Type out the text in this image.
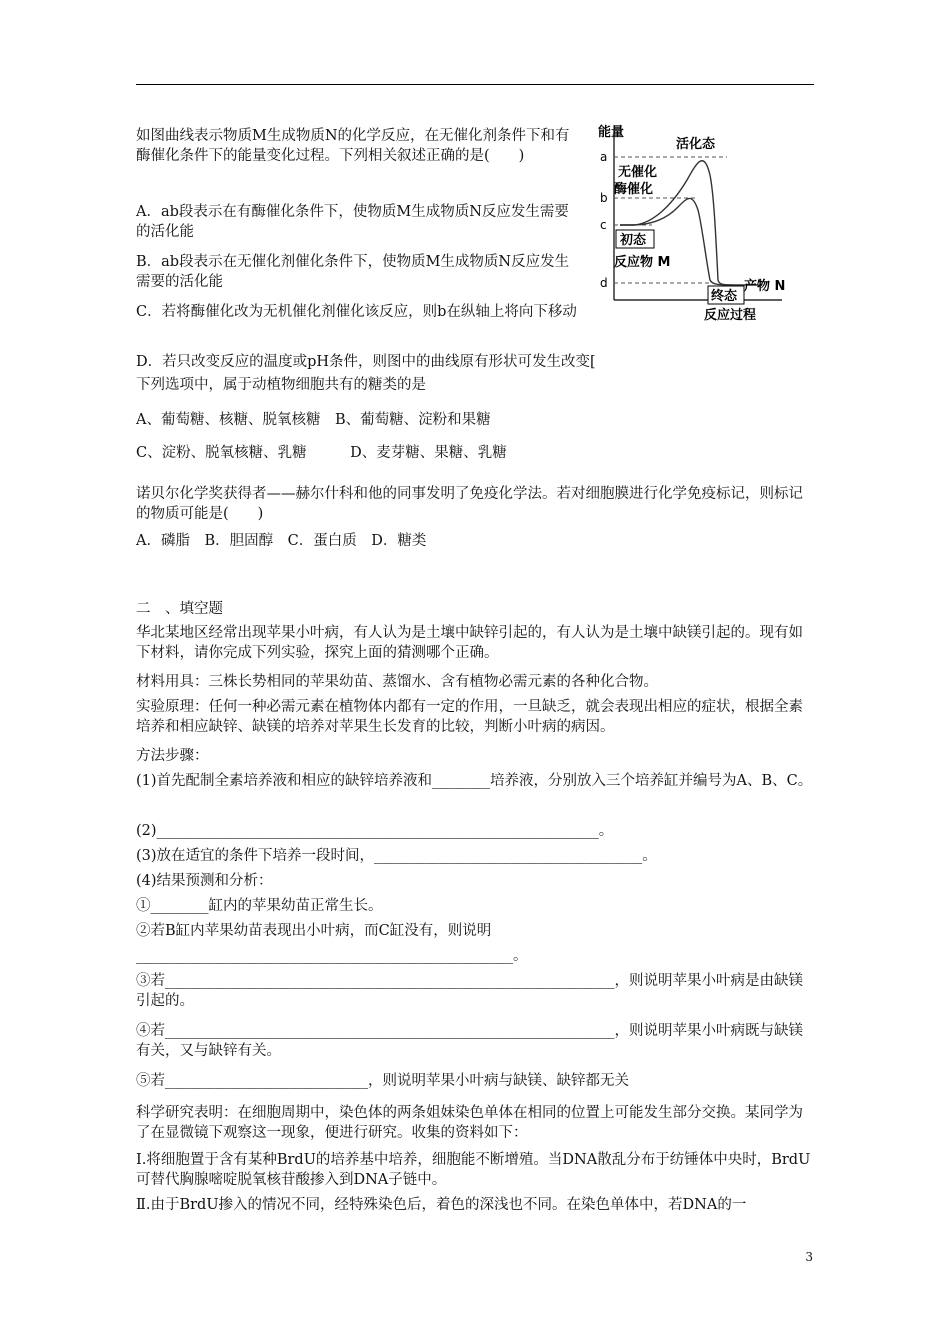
如图曲线表示物质M生成物质N的化学反应，在无催化剂条件下和有酶催化条件下的能量变化过程。下列相关叙述正确的是(　　)
A．ab段表示在有酶催化条件下，使物质M生成物质N反应发生需要的活化能
B．ab段表示在无催化剂催化条件下，使物质M生成物质N反应发生需要的活化能
C．若将酶催化改为无机催化剂催化该反应，则b在纵轴上将向下移动
D．若只改变反应的温度或pH条件，则图中的曲线原有形状可发生改变[
a
b
c
d
能量
活化态
无催化
酶催化
初态
反应物 M
终态
产物 N
反应过程
下列选项中，属于动植物细胞共有的糖类的是
A、葡萄糖、核糖、脱氧核糖　B、葡萄糖、淀粉和果糖
C、淀粉、脱氧核糖、乳糖　　　D、麦芽糖、果糖、乳糖
诺贝尔化学奖获得者——赫尔什科和他的同事发明了免疫化学法。若对细胞膜进行化学免疫标记，则标记的物质可能是(　　)
A．磷脂　B．胆固醇　C．蛋白质　D．糖类
二　、填空题
华北某地区经常出现苹果小叶病，有人认为是土壤中缺锌引起的，有人认为是土壤中缺镁引起的。现有如下材料，请你完成下列实验，探究上面的猜测哪个正确。
材料用具：三株长势相同的苹果幼苗、蒸馏水、含有植物必需元素的各种化合物。
实验原理：任何一种必需元素在植物体内都有一定的作用，一旦缺乏，就会表现出相应的症状，根据全素培养和相应缺锌、缺镁的培养对苹果生长发育的比较，判断小叶病的病因。
方法步骤：
(1)首先配制全素培养液和相应的缺锌培养液和________培养液，分别放入三个培养缸并编号为A、B、C。
(2)_____________________________________________________________。
(3)放在适宜的条件下培养一段时间，_____________________________________。
(4)结果预测和分析：
①________缸内的苹果幼苗正常生长。
②若B缸内苹果幼苗表现出小叶病，而C缸没有，则说明
____________________________________________________。
③若______________________________________________________________，则说明苹果小叶病是由缺镁引起的。
④若______________________________________________________________，则说明苹果小叶病既与缺镁有关，又与缺锌有关。
⑤若____________________________，则说明苹果小叶病与缺镁、缺锌都无关
科学研究表明：在细胞周期中，染色体的两条姐妹染色单体在相同的位置上可能发生部分交换。某同学为了在显微镜下观察这一现象，便进行研究。收集的资料如下：
Ⅰ.将细胞置于含有某种BrdU的培养基中培养，细胞能不断增殖。当DNA散乱分布于纺锤体中央时，BrdU可替代胸腺嘧啶脱氧核苷酸掺入到DNA子链中。
Ⅱ.由于BrdU掺入的情况不同，经特殊染色后，着色的深浅也不同。在染色单体中，若DNA的一
3
